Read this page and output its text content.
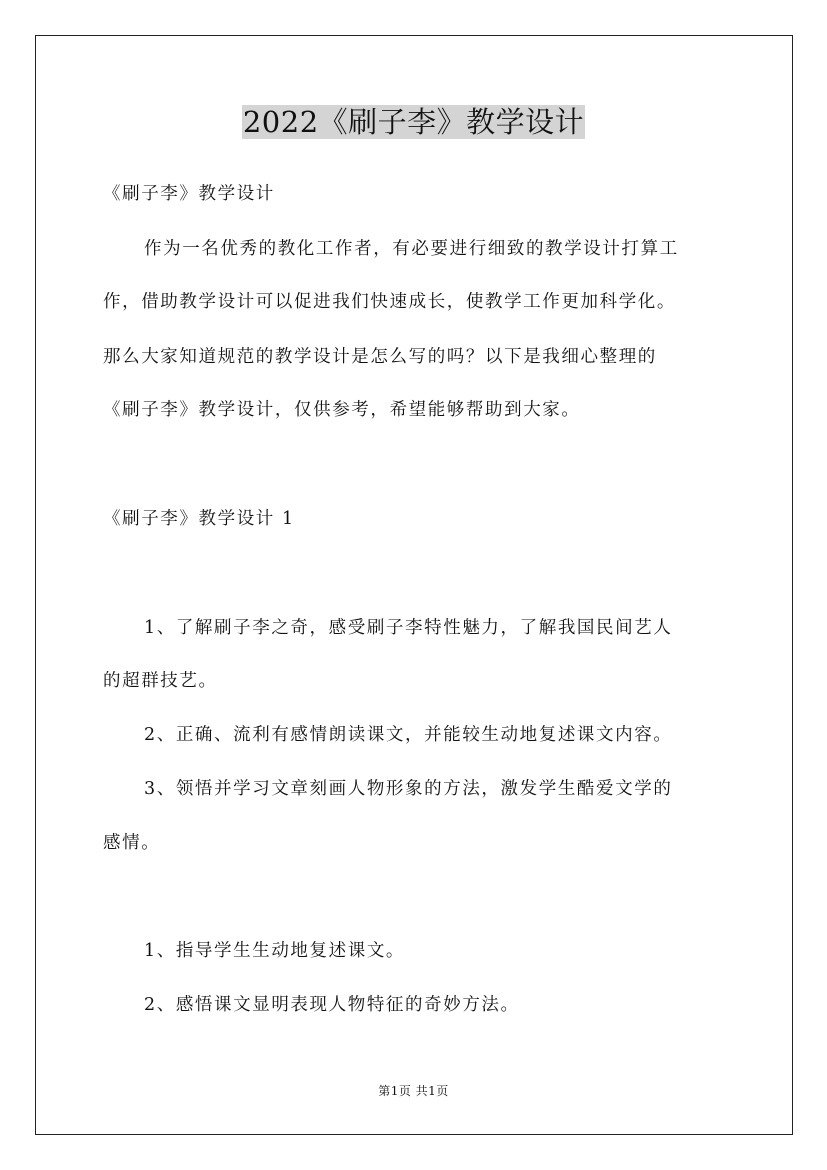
2022《刷子李》教学设计
《刷子李》教学设计
作为一名优秀的教化工作者，有必要进行细致的教学设计打算工
作，借助教学设计可以促进我们快速成长，使教学工作更加科学化。
那么大家知道规范的教学设计是怎么写的吗？以下是我细心整理的
《刷子李》教学设计，仅供参考，希望能够帮助到大家。
《刷子李》教学设计 1
1、了解刷子李之奇，感受刷子李特性魅力，了解我国民间艺人
的超群技艺。
2、正确、流利有感情朗读课文，并能较生动地复述课文内容。
3、领悟并学习文章刻画人物形象的方法，激发学生酷爱文学的
感情。
1、指导学生生动地复述课文。
2、感悟课文显明表现人物特征的奇妙方法。
第1页 共1页
